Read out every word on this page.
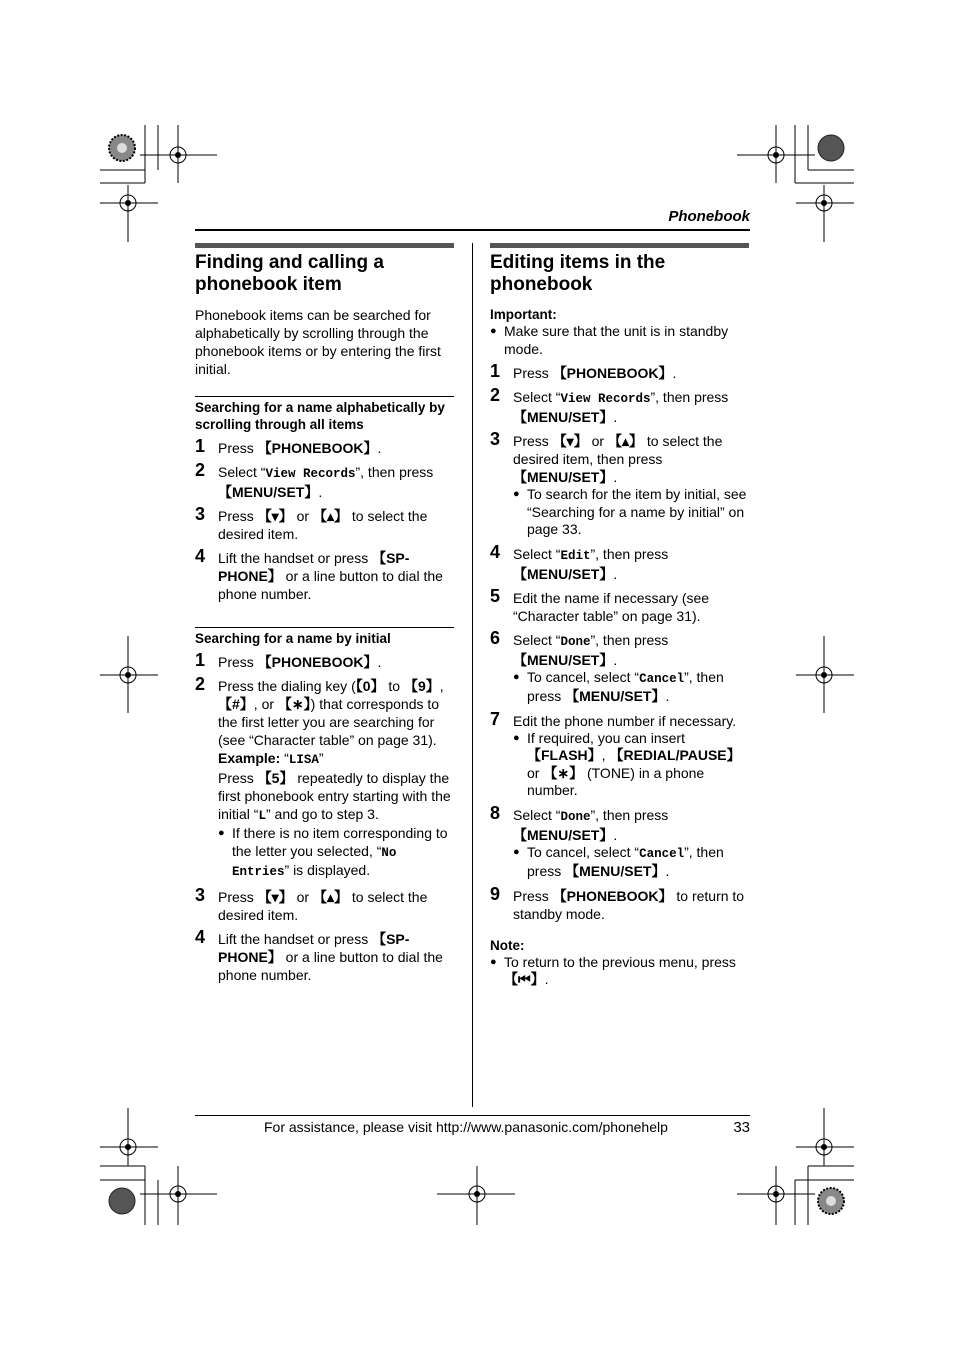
Phonebook
Finding and calling a phonebook item

Phonebook items can be searched for alphabetically by scrolling through the phonebook items or by entering the first initial.

Searching for a name alphabetically by scrolling through all items
1 Press 【PHONEBOOK】.
2 Select “View Records”, then press 【MENU/SET】.
3 Press 【▾】 or 【▴】 to select the desired item.
4 Lift the handset or press 【SP-PHONE】 or a line button to dial the phone number.
Searching for a name by initial
1 Press 【PHONEBOOK】.
2 Press the dialing key (【0】 to 【9】, 【#】, or 【∗】) that corresponds to the first letter you are searching for (see “Character table” on page 31).
Example: “LISA”
Press 【5】 repeatedly to display the first phonebook entry starting with the initial “L” and go to step 3.
● If there is no item corresponding to the letter you selected, “No Entries” is displayed.
3 Press 【▾】 or 【▴】 to select the desired item.
4 Lift the handset or press 【SP-PHONE】 or a line button to dial the phone number.
Editing items in the phonebook
Important:
● Make sure that the unit is in standby mode.
1 Press 【PHONEBOOK】.
2 Select “View Records”, then press 【MENU/SET】.
3 Press 【▾】 or 【▴】 to select the desired item, then press 【MENU/SET】.
● To search for the item by initial, see “Searching for a name by initial” on page 33.
4 Select “Edit”, then press 【MENU/SET】.
5 Edit the name if necessary (see “Character table” on page 31).
6 Select “Done”, then press 【MENU/SET】.
● To cancel, select “Cancel”, then press 【MENU/SET】.
7 Edit the phone number if necessary.
● If required, you can insert 【FLASH】, 【REDIAL/PAUSE】 or 【∗】 (TONE) in a phone number.
8 Select “Done”, then press 【MENU/SET】.
● To cancel, select “Cancel”, then press 【MENU/SET】.
9 Press 【PHONEBOOK】 to return to standby mode.
Note:
● To return to the previous menu, press 【⏮】.
For assistance, please visit http://www.panasonic.com/phonehelp	33
